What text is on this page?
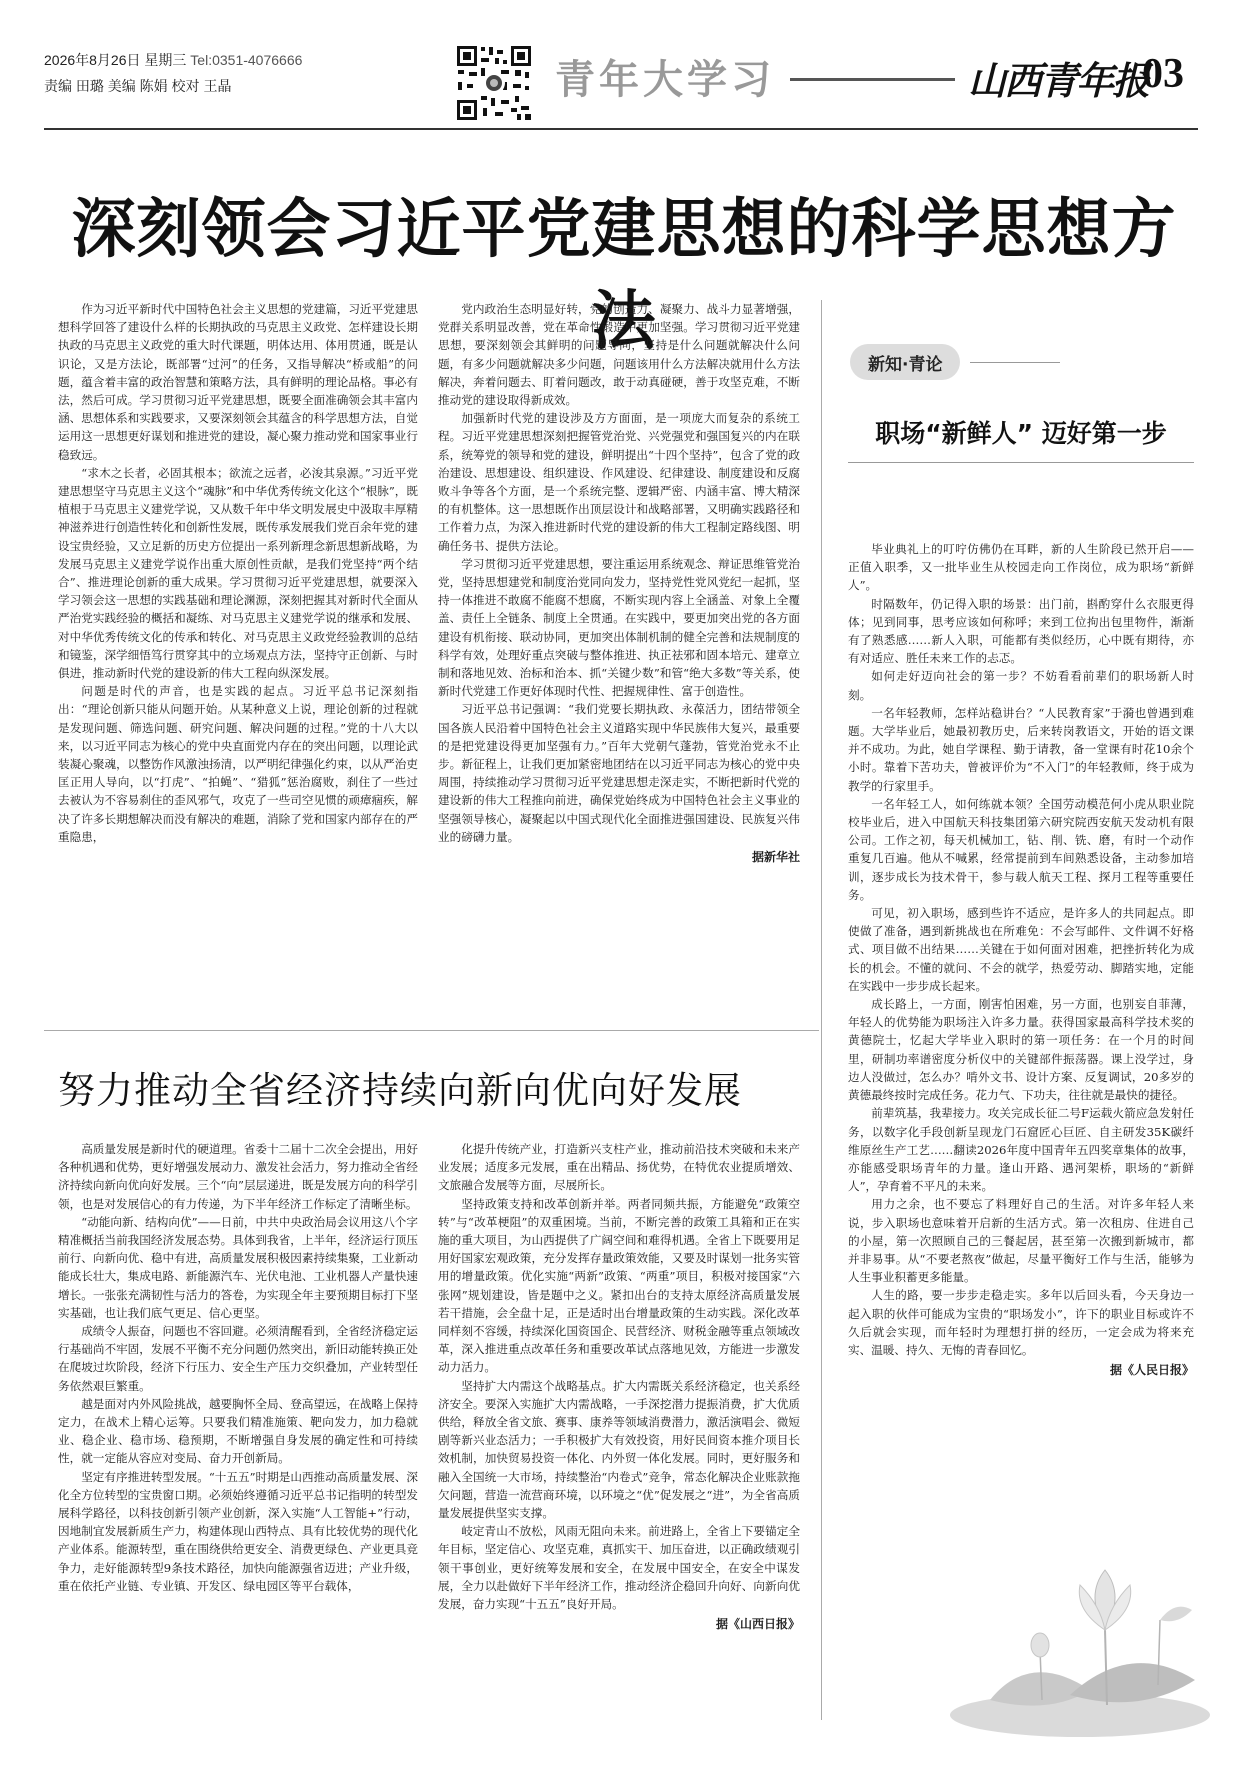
2026年8月26日 星期三 Tel:0351-4076666
责编 田璐 美编 陈娟 校对 王晶	青年大学习	山西青年报
03
深刻领会习近平党建思想的科学思想方法

作为习近平新时代中国特色社会主义思想的党建篇，习近平党建思想科学回答了建设什么样的长期执政的马克思主义政党、怎样建设长期执政的马克思主义政党的重大时代课题，明体达用、体用贯通，既是认识论，又是方法论，既部署“过河”的任务，又指导解决“桥或船”的问题，蕴含着丰富的政治智慧和策略方法，具有鲜明的理论品格。事必有法，然后可成。学习贯彻习近平党建思想，既要全面准确领会其丰富内涵、思想体系和实践要求，又要深刻领会其蕴含的科学思想方法，自觉运用这一思想更好谋划和推进党的建设，凝心聚力推动党和国家事业行稳致远。

“求木之长者，必固其根本；欲流之远者，必浚其泉源。”习近平党建思想坚守马克思主义这个“魂脉”和中华优秀传统文化这个“根脉”，既植根于马克思主义建党学说，又从数千年中华文明发展史中汲取丰厚精神滋养进行创造性转化和创新性发展，既传承发展我们党百余年党的建设宝贵经验，又立足新的历史方位提出一系列新理念新思想新战略，为发展马克思主义建党学说作出重大原创性贡献，是我们党坚持“两个结合”、推进理论创新的重大成果。学习贯彻习近平党建思想，就要深入学习领会这一思想的实践基础和理论渊源，深刻把握其对新时代全面从严治党实践经验的概括和凝练、对马克思主义建党学说的继承和发展、对中华优秀传统文化的传承和转化、对马克思主义政党经验教训的总结和镜鉴，深学细悟笃行贯穿其中的立场观点方法，坚持守正创新、与时俱进，推动新时代党的建设新的伟大工程向纵深发展。

问题是时代的声音，也是实践的起点。习近平总书记深刻指出：“理论创新只能从问题开始。从某种意义上说，理论创新的过程就是发现问题、筛选问题、研究问题、解决问题的过程。”党的十八大以来，以习近平同志为核心的党中央直面党内存在的突出问题，以理论武装凝心聚魂，以整饬作风激浊扬清，以严明纪律强化约束，以从严治吏匡正用人导向，以“打虎”、“拍蝇”、“猎狐”惩治腐败，刹住了一些过去被认为不容易刹住的歪风邪气，攻克了一些司空见惯的顽瘴痼疾，解决了许多长期想解决而没有解决的难题，消除了党和国家内部存在的严重隐患，

党内政治生态明显好转，党的创造力、凝聚力、战斗力显著增强，党群关系明显改善，党在革命性锻造中更加坚强。学习贯彻习近平党建思想，要深刻领会其鲜明的问题导向，坚持是什么问题就解决什么问题，有多少问题就解决多少问题，问题该用什么方法解决就用什么方法解决，奔着问题去、盯着问题改，敢于动真碰硬，善于攻坚克难，不断推动党的建设取得新成效。

加强新时代党的建设涉及方方面面，是一项庞大而复杂的系统工程。习近平党建思想深刻把握管党治党、兴党强党和强国复兴的内在联系，统筹党的领导和党的建设，鲜明提出“十四个坚持”，包含了党的政治建设、思想建设、组织建设、作风建设、纪律建设、制度建设和反腐败斗争等各个方面，是一个系统完整、逻辑严密、内涵丰富、博大精深的有机整体。这一思想既作出顶层设计和战略部署，又明确实践路径和工作着力点，为深入推进新时代党的建设新的伟大工程制定路线图、明确任务书、提供方法论。

学习贯彻习近平党建思想，要注重运用系统观念、辩证思维管党治党，坚持思想建党和制度治党同向发力，坚持党性党风党纪一起抓，坚持一体推进不敢腐不能腐不想腐，不断实现内容上全涵盖、对象上全覆盖、责任上全链条、制度上全贯通。在实践中，要更加突出党的各方面建设有机衔接、联动协同，更加突出体制机制的健全完善和法规制度的科学有效，处理好重点突破与整体推进、执正祛邪和固本培元、建章立制和落地见效、治标和治本、抓“关键少数”和管“绝大多数”等关系，使新时代党建工作更好体现时代性、把握规律性、富于创造性。

习近平总书记强调：“我们党要长期执政、永葆活力，团结带领全国各族人民沿着中国特色社会主义道路实现中华民族伟大复兴，最重要的是把党建设得更加坚强有力。”百年大党朝气蓬勃，管党治党永不止步。新征程上，让我们更加紧密地团结在以习近平同志为核心的党中央周围，持续推动学习贯彻习近平党建思想走深走实，不断把新时代党的建设新的伟大工程推向前进，确保党始终成为中国特色社会主义事业的坚强领导核心，凝聚起以中国式现代化全面推进强国建设、民族复兴伟业的磅礴力量。

据新华社
努力推动全省经济持续向新向优向好发展

高质量发展是新时代的硬道理。省委十二届十二次全会提出，用好各种机遇和优势，更好增强发展动力、激发社会活力，努力推动全省经济持续向新向优向好发展。三个“向”层层递进，既是发展方向的科学引领，也是对发展信心的有力传递，为下半年经济工作标定了清晰坐标。

“动能向新、结构向优”——日前，中共中央政治局会议用这八个字精准概括当前我国经济发展态势。具体到我省，上半年，经济运行顶压前行、向新向优、稳中有进，高质量发展积极因素持续集聚，工业新动能成长壮大，集成电路、新能源汽车、光伏电池、工业机器人产量快速增长。一张张充满韧性与活力的答卷，为实现全年主要预期目标打下坚实基础，也让我们底气更足、信心更坚。

成绩令人振奋，问题也不容回避。必须清醒看到，全省经济稳定运行基础尚不牢固，发展不平衡不充分问题仍然突出，新旧动能转换正处在爬坡过坎阶段，经济下行压力、安全生产压力交织叠加，产业转型任务依然艰巨繁重。

越是面对内外风险挑战，越要胸怀全局、登高望远，在战略上保持定力，在战术上精心运筹。只要我们精准施策、靶向发力，加力稳就业、稳企业、稳市场、稳预期，不断增强自身发展的确定性和可持续性，就一定能从容应对变局、奋力开创新局。

坚定有序推进转型发展。“十五五”时期是山西推动高质量发展、深化全方位转型的宝贵窗口期。必须始终遵循习近平总书记指明的转型发展科学路径，以科技创新引领产业创新，深入实施“人工智能+”行动，因地制宜发展新质生产力，构建体现山西特点、具有比较优势的现代化产业体系。能源转型，重在围绕供给更安全、消费更绿色、产业更具竞争力，走好能源转型9条技术路径，加快向能源强省迈进；产业升级，重在依托产业链、专业镇、开发区、绿电园区等平台载体，

化提升传统产业，打造新兴支柱产业，推动前沿技术突破和未来产业发展；适度多元发展，重在出精品、扬优势，在特优农业提质增效、文旅融合发展等方面，尽展所长。

坚持政策支持和改革创新并举。两者同频共振，方能避免“政策空转”与“改革梗阻”的双重困境。当前，不断完善的政策工具箱和正在实施的重大项目，为山西提供了广阔空间和难得机遇。全省上下既要用足用好国家宏观政策，充分发挥存量政策效能，又要及时谋划一批务实管用的增量政策。优化实施“两新”政策、“两重”项目，积极对接国家“六张网”规划建设，皆是题中之义。紧扣出台的支持太原经济高质量发展若干措施，会全盘十足，正是适时出台增量政策的生动实践。深化改革同样刻不容缓，持续深化国资国企、民营经济、财税金融等重点领域改革，深入推进重点改革任务和重要改革试点落地见效，方能进一步激发动力活力。

坚持扩大内需这个战略基点。扩大内需既关系经济稳定，也关系经济安全。要深入实施扩大内需战略，一手深挖潜力提振消费，扩大优质供给，释放全省文旅、赛事、康养等领域消费潜力，激活演唱会、微短剧等新兴业态活力；一手积极扩大有效投资，用好民间资本推介项目长效机制，加快贸易投资一体化、内外贸一体化发展。同时，更好服务和融入全国统一大市场，持续整治“内卷式”竞争，常态化解决企业账款拖欠问题，营造一流营商环境，以环境之“优”促发展之“进”，为全省高质量发展提供坚实支撑。

岐定青山不放松，风雨无阻向未来。前进路上，全省上下要锚定全年目标，坚定信心、攻坚克难，真抓实干、加压奋进，以正确政绩观引领干事创业，更好统筹发展和安全，在发展中国安全，在安全中谋发展，全力以赴做好下半年经济工作，推动经济企稳回升向好、向新向优发展，奋力实现“十五五”良好开局。

据《山西日报》
新知·青论
职场“新鲜人” 迈好第一步

毕业典礼上的叮咛仿佛仍在耳畔，新的人生阶段已然开启——正值入职季，又一批毕业生从校园走向工作岗位，成为职场“新鲜人”。

时隔数年，仍记得入职的场景：出门前，斟酌穿什么衣服更得体；见到同事，思考应该如何称呼；来到工位拘出包里物件，渐渐有了熟悉感……新人入职，可能都有类似经历，心中既有期待，亦有对适应、胜任未来工作的忐忑。

如何走好迈向社会的第一步？不妨看看前辈们的职场新人时刻。

一名年轻教师，怎样站稳讲台？“人民教育家”于漪也曾遇到难题。大学毕业后，她最初教历史，后来转岗教语文，开始的语文课并不成功。为此，她自学课程、勤于请教，备一堂课有时花10余个小时。靠着下苦功夫，曾被评价为“不入门”的年轻教师，终于成为教学的行家里手。

一名年轻工人，如何练就本领？全国劳动模范何小虎从职业院校毕业后，进入中国航天科技集团第六研究院西安航天发动机有限公司。工作之初，每天机械加工，钻、削、铣、磨，有时一个动作重复几百遍。他从不喊累，经常提前到车间熟悉设备，主动参加培训，逐步成长为技术骨干，参与载人航天工程、探月工程等重要任务。

可见，初入职场，感到些许不适应，是许多人的共同起点。即使做了准备，遇到新挑战也在所难免：不会写邮件、文件调不好格式、项目做不出结果……关键在于如何面对困难，把挫折转化为成长的机会。不懂的就问、不会的就学，热爱劳动、脚踏实地，定能在实践中一步步成长起来。

成长路上，一方面，刚害怕困难，另一方面，也别妄自菲薄，年轻人的优势能为职场注入许多力量。获得国家最高科学技术奖的黄德院士，忆起大学毕业入职时的第一项任务：在一个月的时间里，研制功率谱密度分析仪中的关键部件振荡器。课上没学过，身边人没做过，怎么办？啃外文书、设计方案、反复调试，20多岁的黄德最终按时完成任务。花力气、下功夫，往往就是最快的捷径。

前辈筑基，我辈接力。攻关完成长征二号F运载火箭应急发射任务，以数字化手段创新呈现龙门石窟匠心巨匠、自主研发35K碳纤维原丝生产工艺……翻读2026年度中国青年五四奖章集体的故事，亦能感受职场青年的力量。逢山开路、遇河架桥，职场的“新鲜人”，孕育着不平凡的未来。

用力之余，也不要忘了料理好自己的生活。对许多年轻人来说，步入职场也意味着开启新的生活方式。第一次租房、住进自己的小屋，第一次照顾自己的三餐起居，甚至第一次搬到新城市，都并非易事。从“不要老熬夜”做起，尽量平衡好工作与生活，能够为人生事业积蓄更多能量。

人生的路，要一步步走稳走实。多年以后回头看，今天身边一起入职的伙伴可能成为宝贵的“职场发小”，许下的职业目标或许不久后就会实现，而年轻时为理想打拼的经历，一定会成为将来充实、温暖、持久、无悔的青春回忆。

据《人民日报》
